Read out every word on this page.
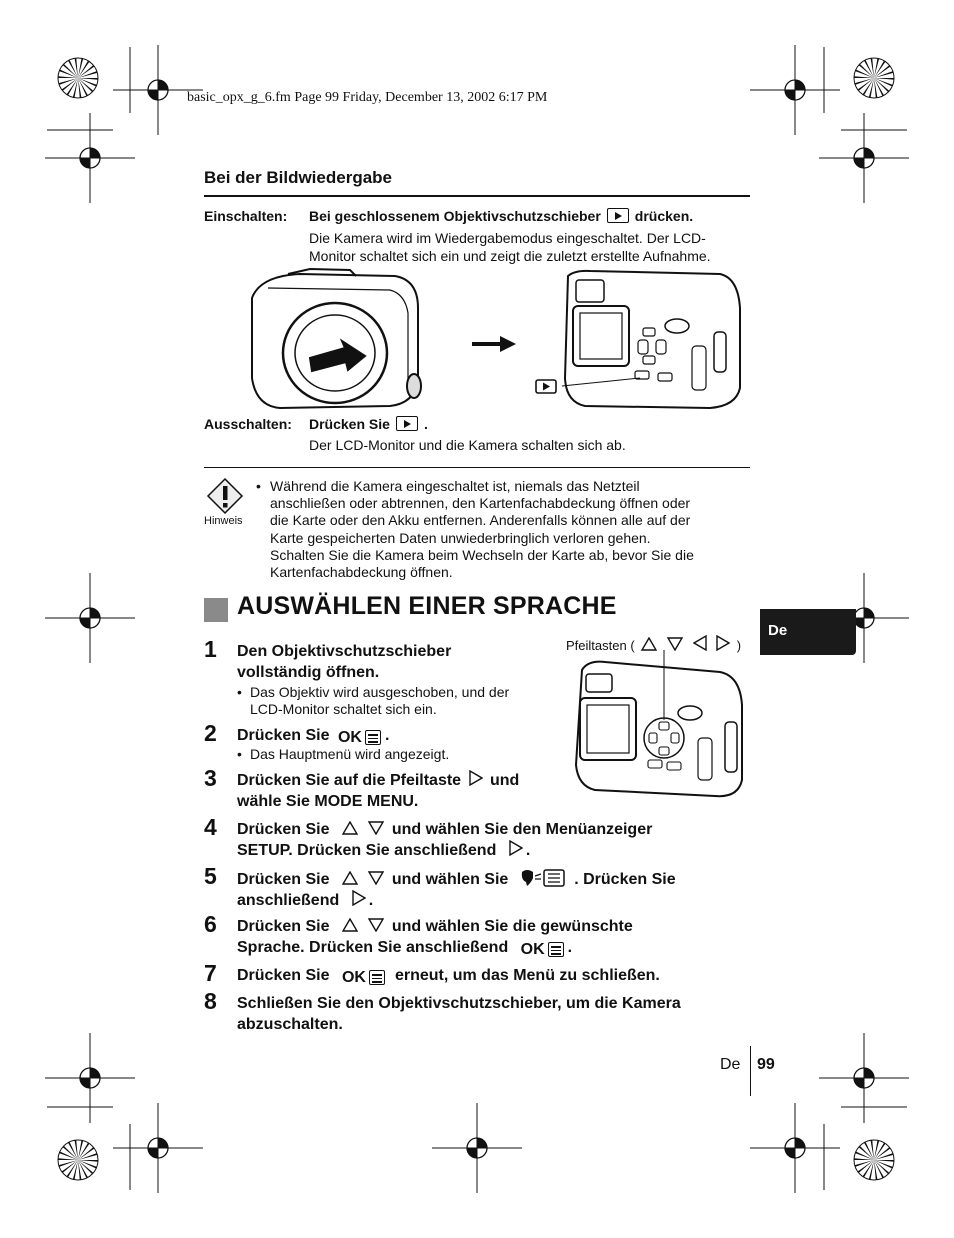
basic_opx_g_6.fm Page 99 Friday, December 13, 2002 6:17 PM
Bei der Bildwiedergabe
Einschalten: Bei geschlossenem Objektivschutzschieber drücken.
Die Kamera wird im Wiedergabemodus eingeschaltet. Der LCD-
Monitor schaltet sich ein und zeigt die zuletzt erstellte Aufnahme.
Ausschalten: Drücken Sie .
Der LCD-Monitor und die Kamera schalten sich ab.
Hinweis
• Während die Kamera eingeschaltet ist, niemals das Netzteil
anschließen oder abtrennen, den Kartenfachabdeckung öffnen oder
die Karte oder den Akku entfernen. Anderenfalls können alle auf der
Karte gespeicherten Daten unwiederbringlich verloren gehen.
Schalten Sie die Kamera beim Wechseln der Karte ab, bevor Sie die
Kartenfachabdeckung öffnen.
AUSWÄHLEN EINER SPRACHE
De
Pfeiltasten (	)
1 Den Objektivschutzschieber
vollständig öffnen.
• Das Objektiv wird ausgeschoben, und der
LCD-Monitor schaltet sich ein.
2 Drücken Sie OK .
• Das Hauptmenü wird angezeigt.
3 Drücken Sie auf die Pfeiltaste und
wähle Sie MODE MENU.
4 Drücken Sie	und wählen Sie den Menüanzeiger
SETUP. Drücken Sie anschließend .
5 Drücken Sie	und wählen Sie	. Drücken Sie
anschließend .
6 Drücken Sie	und wählen Sie die gewünschte
Sprache. Drücken Sie anschließend OK .
7 Drücken Sie OK erneut, um das Menü zu schließen.
8 Schließen Sie den Objektivschutzschieber, um die Kamera
abzuschalten.
De 99
